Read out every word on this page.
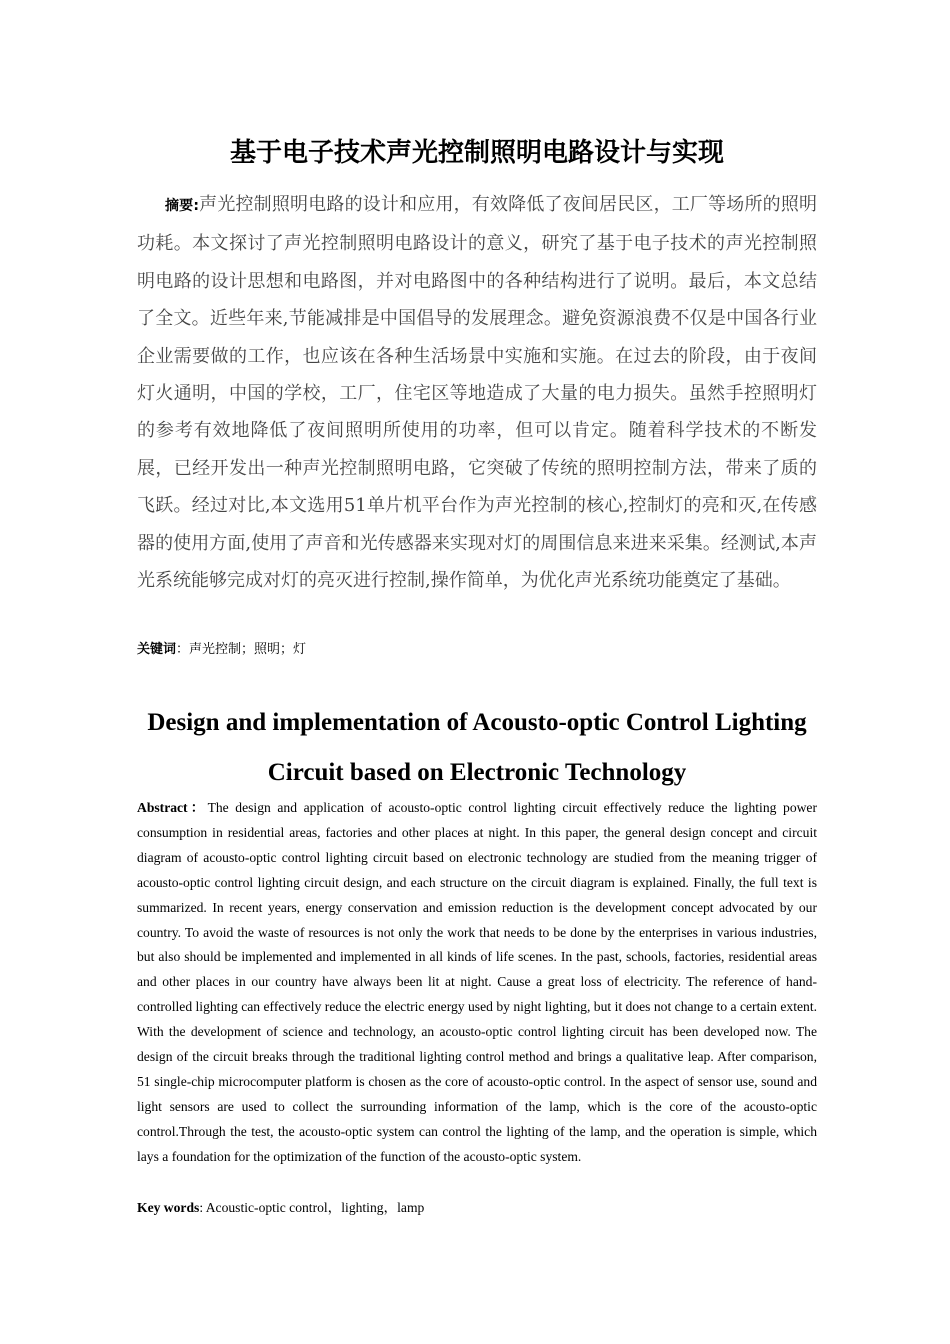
基于电子技术声光控制照明电路设计与实现

摘要:声光控制照明电路的设计和应用，有效降低了夜间居民区，工厂等场所的照明功耗。本文探讨了声光控制照明电路设计的意义，研究了基于电子技术的声光控制照明电路的设计思想和电路图，并对电路图中的各种结构进行了说明。最后，本文总结了全文。近些年来,节能减排是中国倡导的发展理念。避免资源浪费不仅是中国各行业企业需要做的工作，也应该在各种生活场景中实施和实施。在过去的阶段，由于夜间灯火通明，中国的学校，工厂，住宅区等地造成了大量的电力损失。虽然手控照明灯的参考有效地降低了夜间照明所使用的功率，但可以肯定。随着科学技术的不断发展，已经开发出一种声光控制照明电路，它突破了传统的照明控制方法，带来了质的飞跃。经过对比,本文选用51单片机平台作为声光控制的核心,控制灯的亮和灭,在传感器的使用方面,使用了声音和光传感器来实现对灯的周围信息来进来采集。经测试,本声光系统能够完成对灯的亮灭进行控制,操作简单，为优化声光系统功能奠定了基础。

关键词：声光控制；照明；灯

Design and implementation of Acousto-optic Control Lighting Circuit based on Electronic Technology

Abstract：The design and application of acousto-optic control lighting circuit effectively reduce the lighting power consumption in residential areas, factories and other places at night. In this paper, the general design concept and circuit diagram of acousto-optic control lighting circuit based on electronic technology are studied from the meaning trigger of acousto-optic control lighting circuit design, and each structure on the circuit diagram is explained. Finally, the full text is summarized. In recent years, energy conservation and emission reduction is the development concept advocated by our country. To avoid the waste of resources is not only the work that needs to be done by the enterprises in various industries, but also should be implemented and implemented in all kinds of life scenes. In the past, schools, factories, residential areas and other places in our country have always been lit at night. Cause a great loss of electricity. The reference of hand-controlled lighting can effectively reduce the electric energy used by night lighting, but it does not change to a certain extent. With the development of science and technology, an acousto-optic control lighting circuit has been developed now. The design of the circuit breaks through the traditional lighting control method and brings a qualitative leap. After comparison, 51 single-chip microcomputer platform is chosen as the core of acousto-optic control. In the aspect of sensor use, sound and light sensors are used to collect the surrounding information of the lamp, which is the core of the acousto-optic control.Through the test, the acousto-optic system can control the lighting of the lamp, and the operation is simple, which lays a foundation for the optimization of the function of the acousto-optic system.

Key words: Acoustic-optic control，lighting，lamp
